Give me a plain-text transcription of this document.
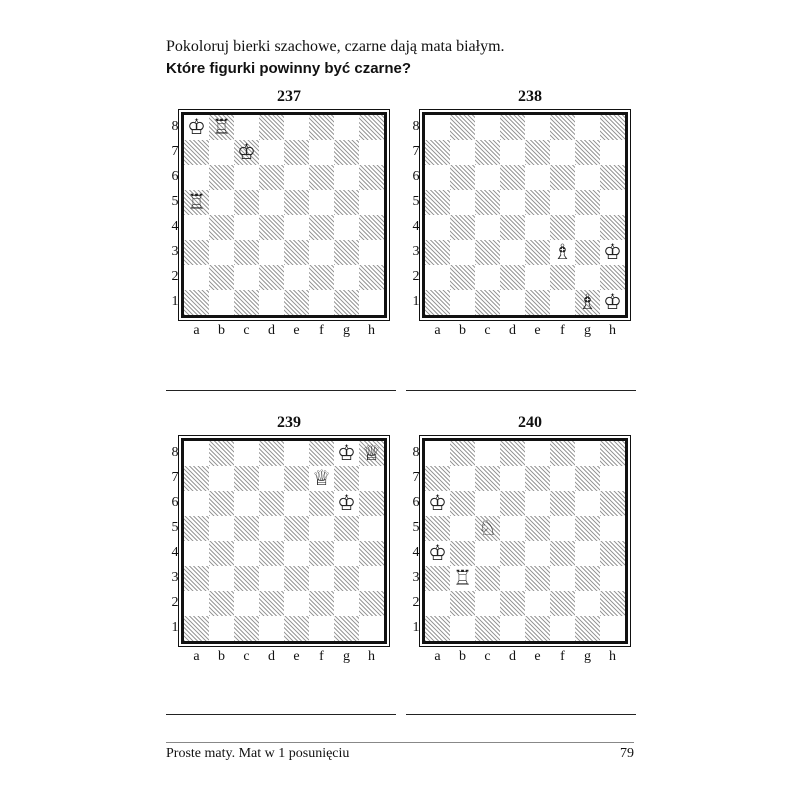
Pokoloruj bierki szachowe, czarne dają mata białym.
Które figurki powinny być czarne?
237
8
7
6
5
4
3
2
1
a	b	c	d	e	f	g	h
♔ ♖
♔
♖
238
8
7
6
5
4
3
2
1
a	b	c	d	e	f	g	h
♗ ♔
♗ ♔
239
8
7
6
5
4
3
2
1
a	b	c	d	e	f	g	h
♔ ♕
♕
♔
240
8
7
6
5
4
3
2
1
a	b	c	d	e	f	g	h
♔
♘
♔
♖
Proste maty. Mat w 1 posunięciu	79
